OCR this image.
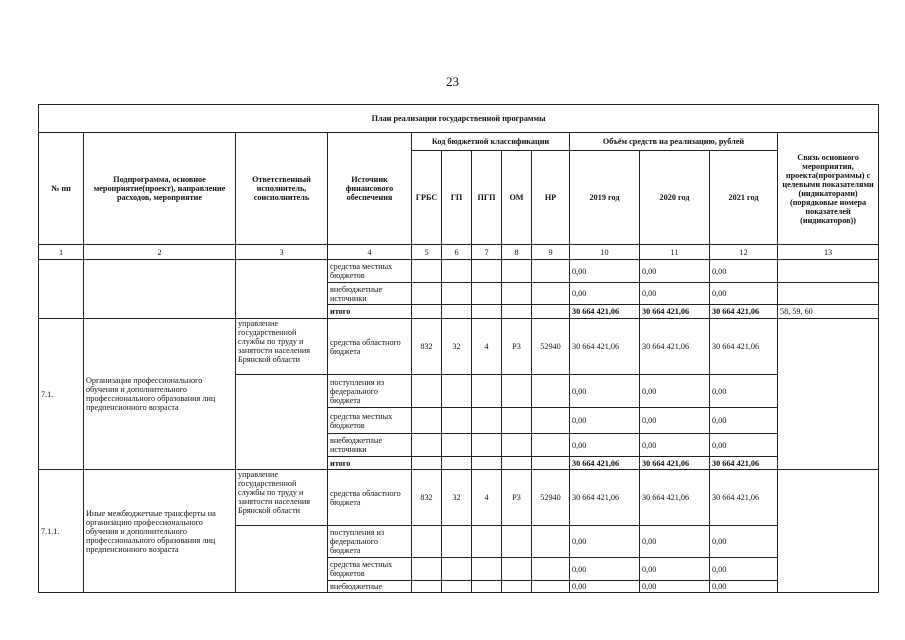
23
План реализации государственной программы												
№ пп	Подпрограмма, основное мероприятие(проект), направление расходов, мероприятие	Ответственный исполнитель, соисполнитель	Источник финансового обеспечения	Код бюджетной классификации					Объём средств на реализацию, рублей			Связь основного мероприятия, проекта(программы) с целевыми показателями (индикаторами) (порядковые номера показателей (индикаторов))
				ГРБС	ГП	ПГП	ОМ	НР	2019 год	2020 год	2021 год	
1	2	3	4	5	6	7	8	9	10	11	12	13
			средства местных бюджетов						0,00	0,00	0,00	
			внебюджетные источники						0,00	0,00	0,00	
			итого						30 664 421,06	30 664 421,06	30 664 421,06	58, 59, 60
7.1.	Организация профессионального обучения и дополнительного профессионального образования лиц предпенсионного возраста	управление государственной службы по труду и занятости населения Брянской области	средства областного бюджета	832	32	4	Р3	52940	30 664 421,06	30 664 421,06	30 664 421,06	
			поступления из федерального бюджета						0,00	0,00	0,00	
			средства местных бюджетов						0,00	0,00	0,00	
			внебюджетные источники						0,00	0,00	0,00	
			итого						30 664 421,06	30 664 421,06	30 664 421,06	
7.1.1.	Иные межбюджетные трансферты на организацию профессионального обучения и дополнительного профессионального образования лиц предпенсионного возраста	управление государственной службы по труду и занятости населения Брянской области	средства областного бюджета	832	32	4	Р3	52940	30 664 421,06	30 664 421,06	30 664 421,06	
			поступления из федерального бюджета						0,00	0,00	0,00	
			средства местных бюджетов						0,00	0,00	0,00	
			внебюджетные						0,00	0,00	0,00	
